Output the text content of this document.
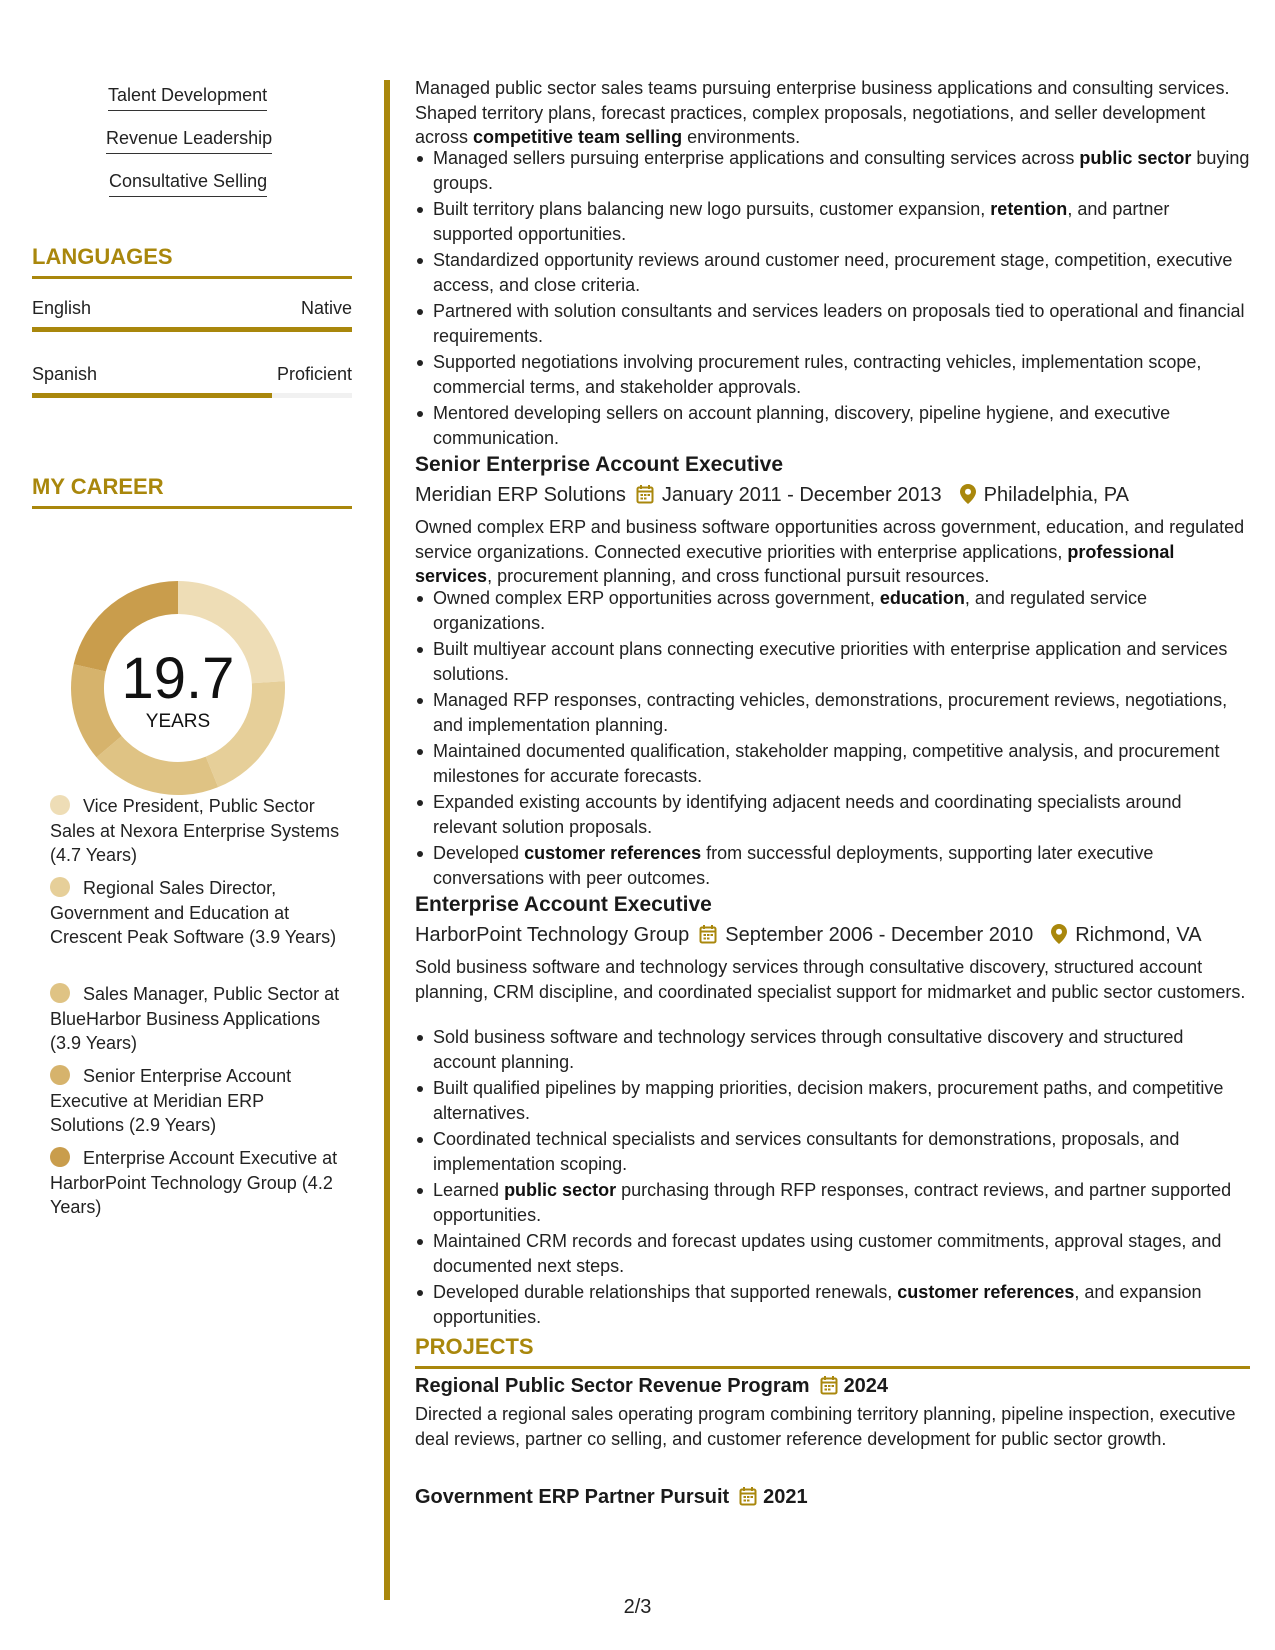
Talent Development
Revenue Leadership
Consultative Selling
LANGUAGES
English	Native
Spanish	Proficient
MY CAREER
19.7
YEARS
Vice President, Public Sector Sales at Nexora Enterprise Systems (4.7 Years)
Regional Sales Director, Government and Education at Crescent Peak Software (3.9 Years)
Sales Manager, Public Sector at BlueHarbor Business Applications (3.9 Years)
Senior Enterprise Account Executive at Meridian ERP Solutions (2.9 Years)
Enterprise Account Executive at HarborPoint Technology Group (4.2 Years)

Managed public sector sales teams pursuing enterprise business applications and consulting services. Shaped territory plans, forecast practices, complex proposals, negotiations, and seller development across competitive team selling environments.

Managed sellers pursuing enterprise applications and consulting services across public sector buying groups.
Built territory plans balancing new logo pursuits, customer expansion, retention, and partner supported opportunities.
Standardized opportunity reviews around customer need, procurement stage, competition, executive access, and close criteria.
Partnered with solution consultants and services leaders on proposals tied to operational and financial requirements.
Supported negotiations involving procurement rules, contracting vehicles, implementation scope, commercial terms, and stakeholder approvals.
Mentored developing sellers on account planning, discovery, pipeline hygiene, and executive communication.
Senior Enterprise Account Executive
Meridian ERP Solutions January 2011 - December 2013 Philadelphia, PA

Owned complex ERP and business software opportunities across government, education, and regulated service organizations. Connected executive priorities with enterprise applications, professional services, procurement planning, and cross functional pursuit resources.

Owned complex ERP opportunities across government, education, and regulated service organizations.
Built multiyear account plans connecting executive priorities with enterprise application and services solutions.
Managed RFP responses, contracting vehicles, demonstrations, procurement reviews, negotiations, and implementation planning.
Maintained documented qualification, stakeholder mapping, competitive analysis, and procurement milestones for accurate forecasts.
Expanded existing accounts by identifying adjacent needs and coordinating specialists around relevant solution proposals.
Developed customer references from successful deployments, supporting later executive conversations with peer outcomes.
Enterprise Account Executive
HarborPoint Technology Group September 2006 - December 2010 Richmond, VA

Sold business software and technology services through consultative discovery, structured account planning, CRM discipline, and coordinated specialist support for midmarket and public sector customers.

Sold business software and technology services through consultative discovery and structured account planning.
Built qualified pipelines by mapping priorities, decision makers, procurement paths, and competitive alternatives.
Coordinated technical specialists and services consultants for demonstrations, proposals, and implementation scoping.
Learned public sector purchasing through RFP responses, contract reviews, and partner supported opportunities.
Maintained CRM records and forecast updates using customer commitments, approval stages, and documented next steps.
Developed durable relationships that supported renewals, customer references, and expansion opportunities.
PROJECTS
Regional Public Sector Revenue Program 2024

Directed a regional sales operating program combining territory planning, pipeline inspection, executive deal reviews, partner co selling, and customer reference development for public sector growth.

Government ERP Partner Pursuit 2021
2/3
